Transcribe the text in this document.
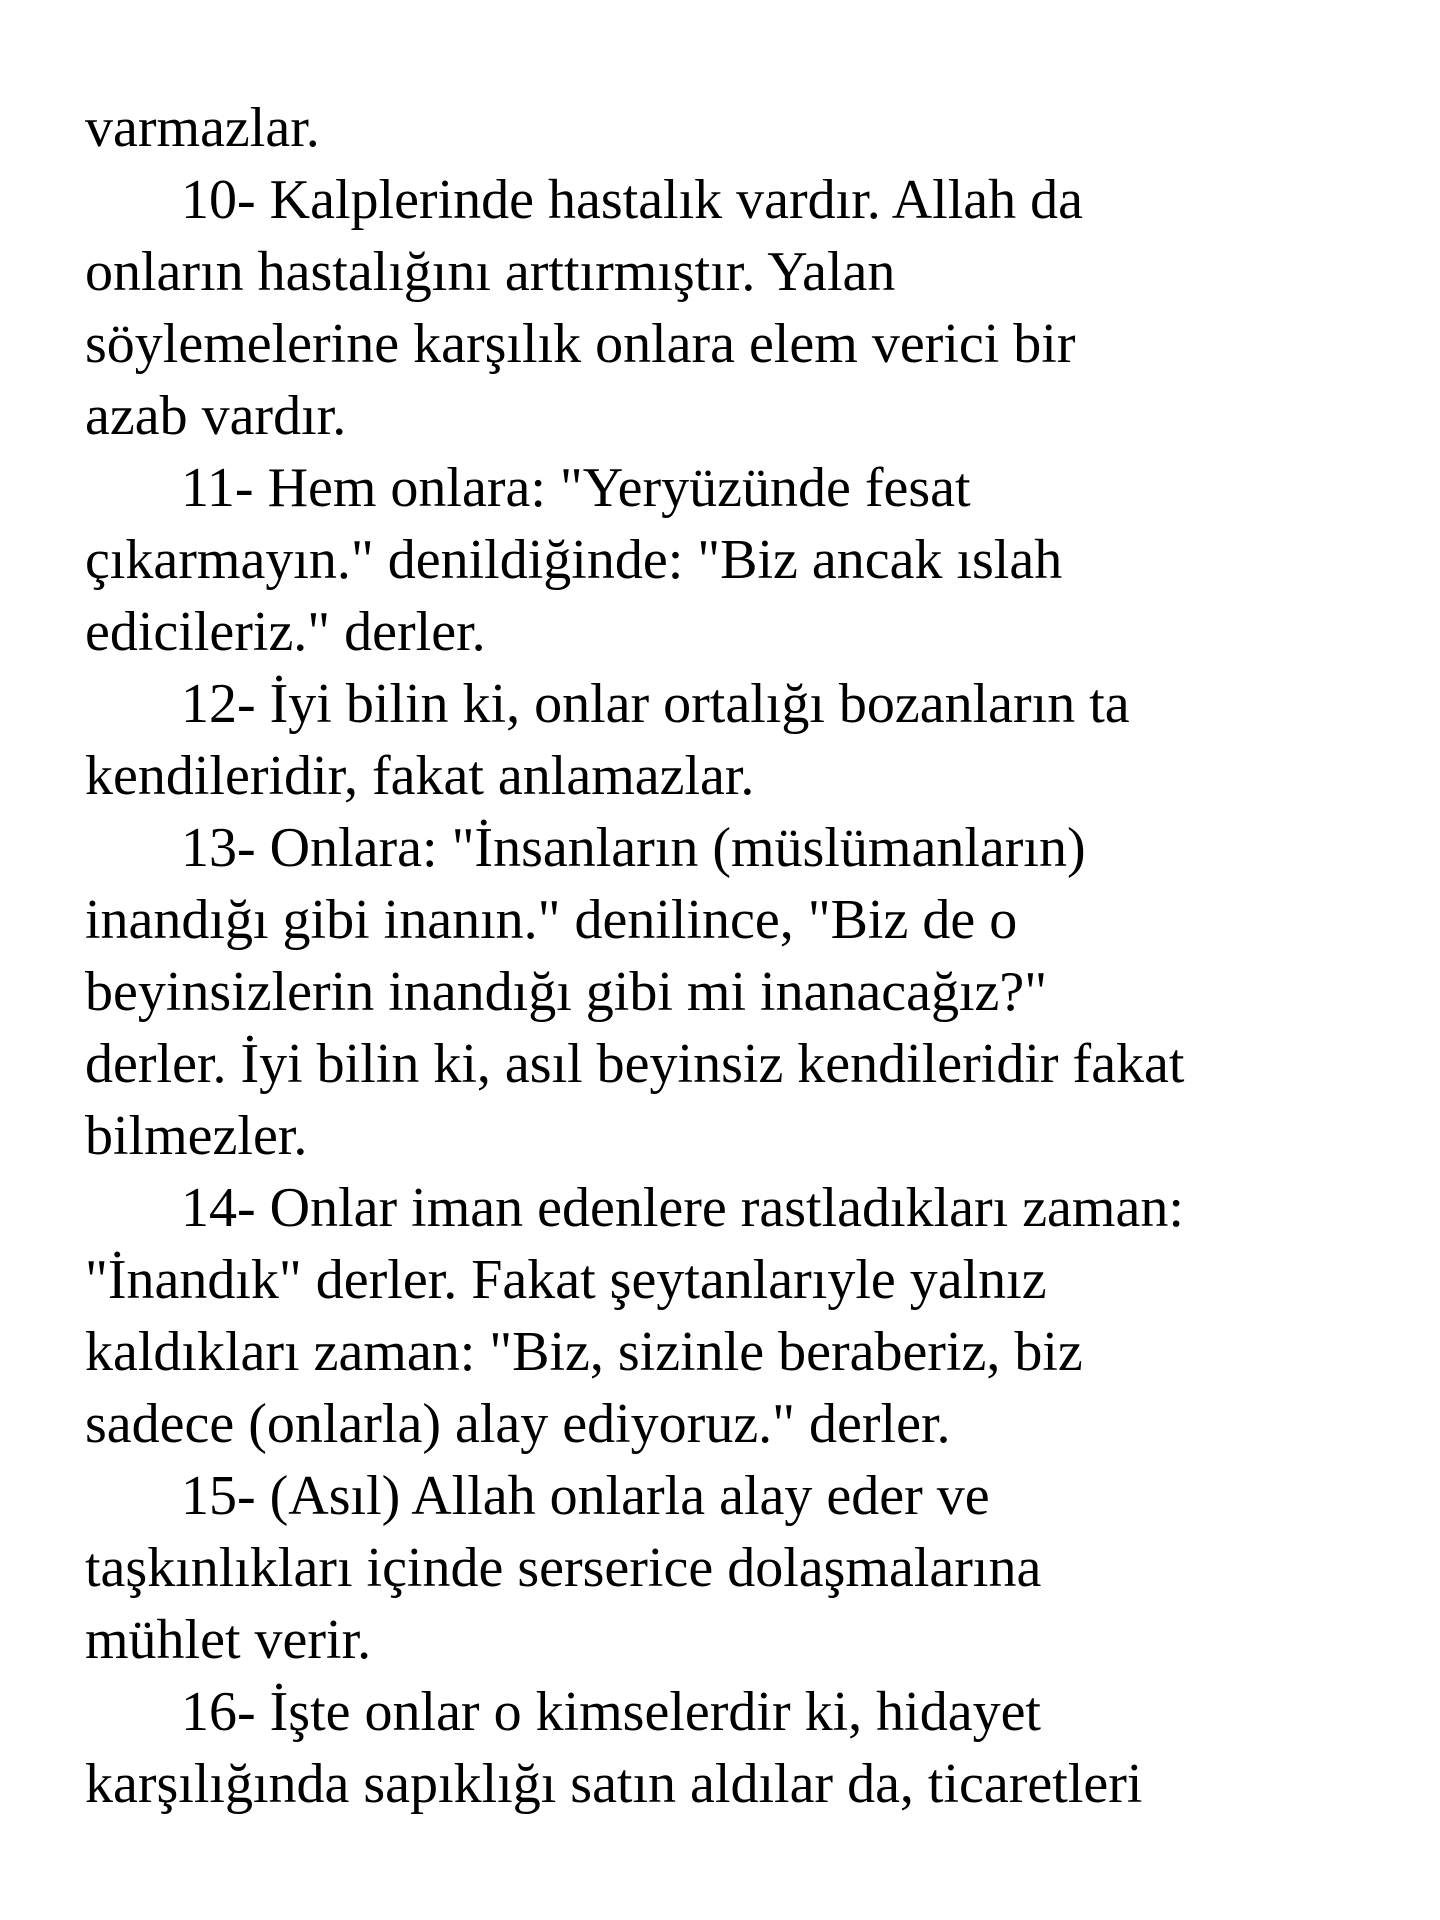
varmazlar.

10- Kalplerinde hastalık vardır. Allah da
onların hastalığını arttırmıştır. Yalan
söylemelerine karşılık onlara elem verici bir
azab vardır.

11- Hem onlara: "Yeryüzünde fesat
çıkarmayın." denildiğinde: "Biz ancak ıslah
edicileriz." derler.

12- İyi bilin ki, onlar ortalığı bozanların ta
kendileridir, fakat anlamazlar.

13- Onlara: "İnsanların (müslümanların)
inandığı gibi inanın." denilince, "Biz de o
beyinsizlerin inandığı gibi mi inanacağız?"
derler. İyi bilin ki, asıl beyinsiz kendileridir fakat
bilmezler.

14- Onlar iman edenlere rastladıkları zaman:
"İnandık" derler. Fakat şeytanlarıyle yalnız
kaldıkları zaman: "Biz, sizinle beraberiz, biz
sadece (onlarla) alay ediyoruz." derler.

15- (Asıl) Allah onlarla alay eder ve
taşkınlıkları içinde serserice dolaşmalarına
mühlet verir.

16- İşte onlar o kimselerdir ki, hidayet
karşılığında sapıklığı satın aldılar da, ticaretleri
